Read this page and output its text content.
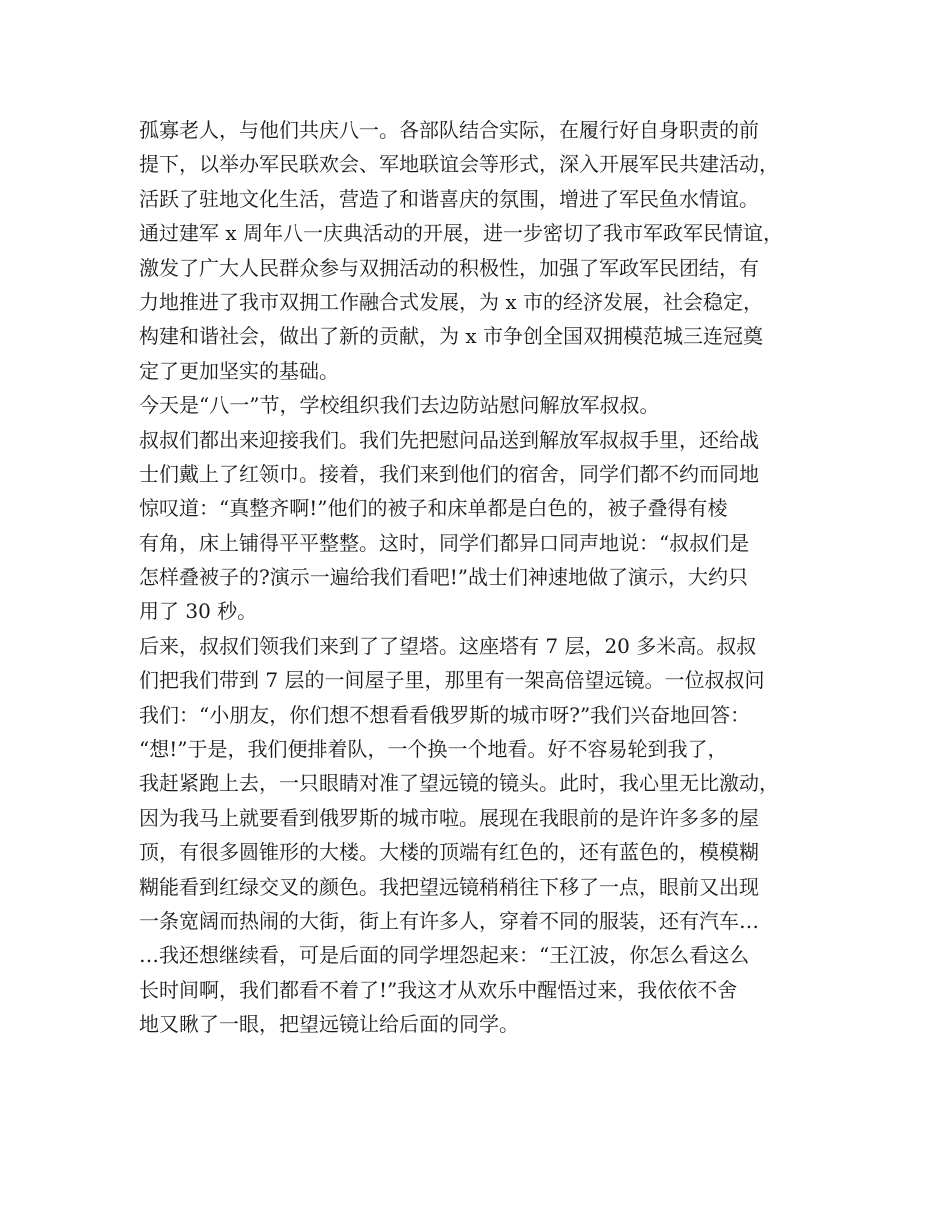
孤寡老人，与他们共庆八一。各部队结合实际，在履行好自身职责的前
提下，以举办军民联欢会、军地联谊会等形式，深入开展军民共建活动，
活跃了驻地文化生活，营造了和谐喜庆的氛围，增进了军民鱼水情谊。
通过建军 x 周年八一庆典活动的开展，进一步密切了我市军政军民情谊，
激发了广大人民群众参与双拥活动的积极性，加强了军政军民团结，有
力地推进了我市双拥工作融合式发展，为 x 市的经济发展，社会稳定，
构建和谐社会，做出了新的贡献，为 x 市争创全国双拥模范城三连冠奠
定了更加坚实的基础。
今天是“八一”节，学校组织我们去边防站慰问解放军叔叔。
叔叔们都出来迎接我们。我们先把慰问品送到解放军叔叔手里，还给战
士们戴上了红领巾。接着，我们来到他们的宿舍，同学们都不约而同地
惊叹道：“真整齐啊!”他们的被子和床单都是白色的，被子叠得有棱
有角，床上铺得平平整整。这时，同学们都异口同声地说：“叔叔们是
怎样叠被子的?演示一遍给我们看吧!”战士们神速地做了演示，大约只
用了 30 秒。
后来，叔叔们领我们来到了了望塔。这座塔有 7 层，20 多米高。叔叔
们把我们带到 7 层的一间屋子里，那里有一架高倍望远镜。一位叔叔问
我们：“小朋友，你们想不想看看俄罗斯的城市呀?”我们兴奋地回答：
“想!”于是，我们便排着队，一个换一个地看。好不容易轮到我了，
我赶紧跑上去，一只眼睛对准了望远镜的镜头。此时，我心里无比激动，
因为我马上就要看到俄罗斯的城市啦。展现在我眼前的是许许多多的屋
顶，有很多圆锥形的大楼。大楼的顶端有红色的，还有蓝色的，模模糊
糊能看到红绿交叉的颜色。我把望远镜稍稍往下移了一点，眼前又出现
一条宽阔而热闹的大街，街上有许多人，穿着不同的服装，还有汽车…
…我还想继续看，可是后面的同学埋怨起来：“王江波，你怎么看这么
长时间啊，我们都看不着了!”我这才从欢乐中醒悟过来，我依依不舍
地又瞅了一眼，把望远镜让给后面的同学。
